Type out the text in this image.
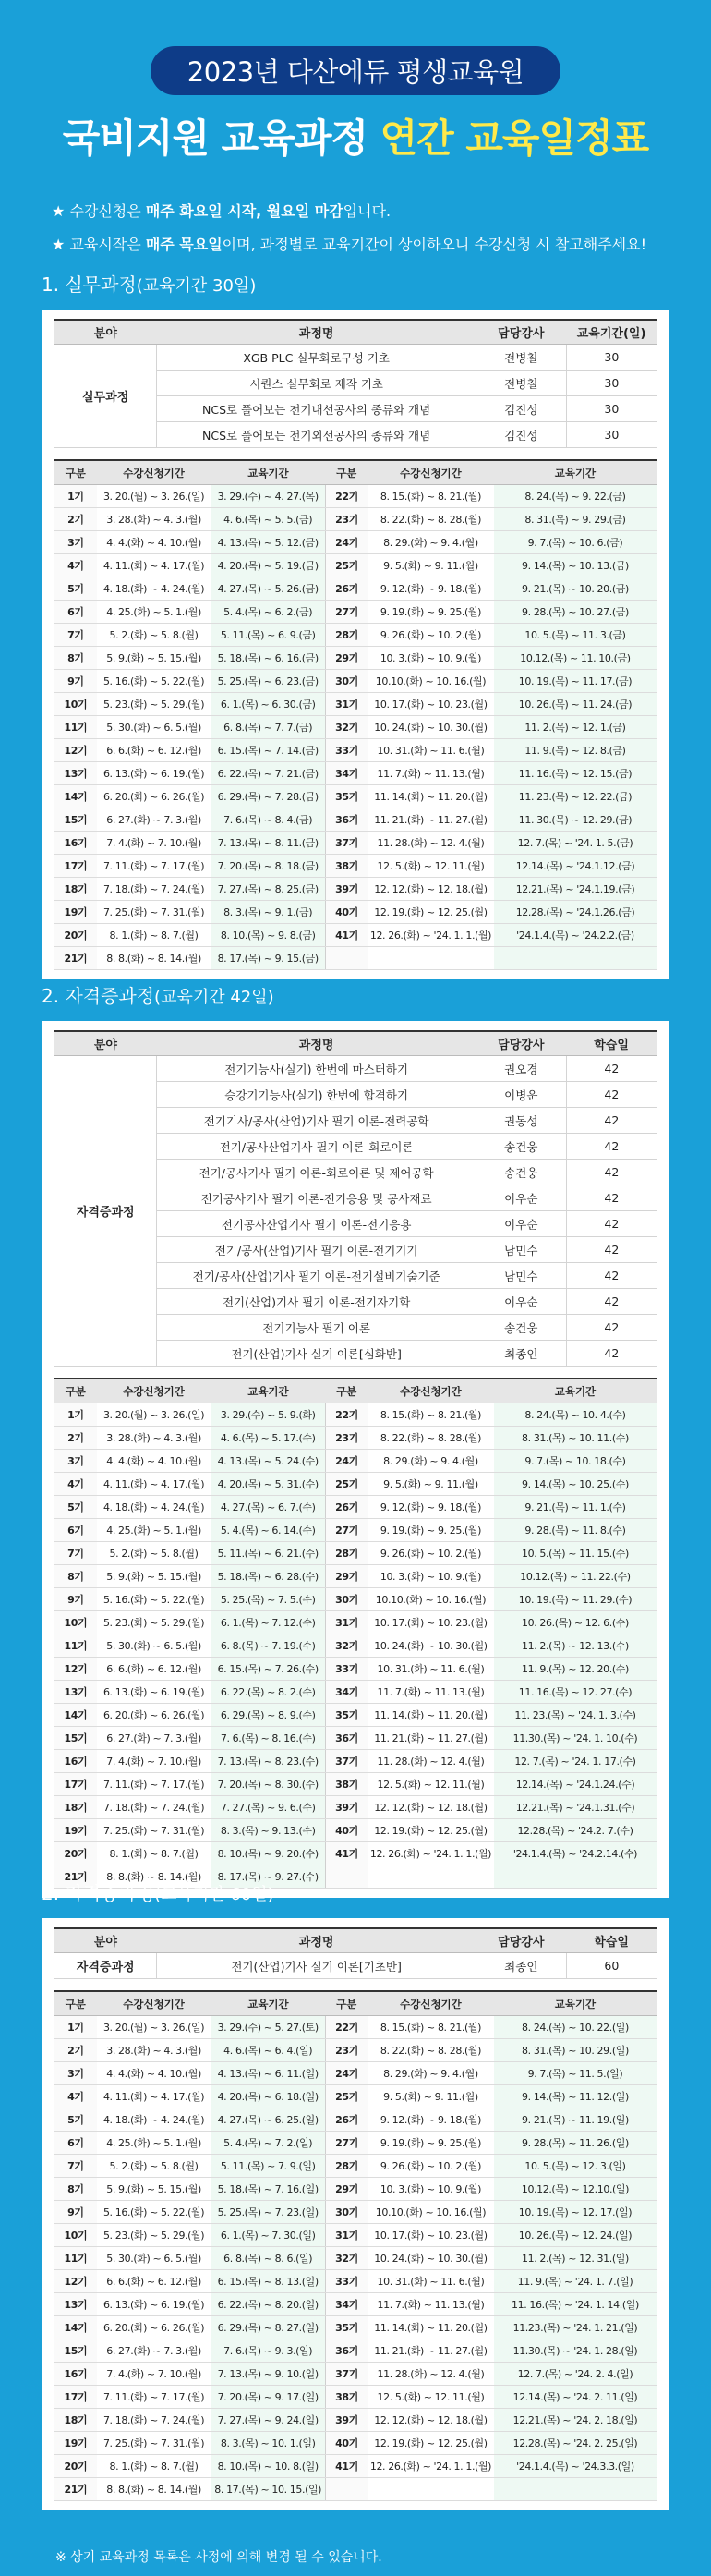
2023년 다산에듀 평생교육원
국비지원 교육과정 연간 교육일정표
★ 수강신청은 매주 화요일 시작, 월요일 마감입니다.
★ 교육시작은 매주 목요일이며, 과정별로 교육기간이 상이하오니 수강신청 시 참고해주세요!
1. 실무과정(교육기간 30일)
분야	과정명	담당강사	교육기간(일)
실무과정	XGB PLC 실무회로구성 기초	전병칠	30
	시퀀스 실무회로 제작 기초	전병칠	30
	NCS로 풀어보는 전기내선공사의 종류와 개념	김진성	30
	NCS로 풀어보는 전기외선공사의 종류와 개념	김진성	30
구분	수강신청기간	교육기간	구분	수강신청기간	교육기간
1기	3. 20.(월) ~ 3. 26.(일)	3. 29.(수) ~ 4. 27.(목)	22기	8. 15.(화) ~ 8. 21.(월)	8. 24.(목) ~ 9. 22.(금)
2기	3. 28.(화) ~ 4. 3.(월)	4. 6.(목) ~ 5. 5.(금)	23기	8. 22.(화) ~ 8. 28.(월)	8. 31.(목) ~ 9. 29.(금)
3기	4. 4.(화) ~ 4. 10.(월)	4. 13.(목) ~ 5. 12.(금)	24기	8. 29.(화) ~ 9. 4.(월)	9. 7.(목) ~ 10. 6.(금)
4기	4. 11.(화) ~ 4. 17.(월)	4. 20.(목) ~ 5. 19.(금)	25기	9. 5.(화) ~ 9. 11.(월)	9. 14.(목) ~ 10. 13.(금)
5기	4. 18.(화) ~ 4. 24.(월)	4. 27.(목) ~ 5. 26.(금)	26기	9. 12.(화) ~ 9. 18.(월)	9. 21.(목) ~ 10. 20.(금)
6기	4. 25.(화) ~ 5. 1.(월)	5. 4.(목) ~ 6. 2.(금)	27기	9. 19.(화) ~ 9. 25.(월)	9. 28.(목) ~ 10. 27.(금)
7기	5. 2.(화) ~ 5. 8.(월)	5. 11.(목) ~ 6. 9.(금)	28기	9. 26.(화) ~ 10. 2.(월)	10. 5.(목) ~ 11. 3.(금)
8기	5. 9.(화) ~ 5. 15.(월)	5. 18.(목) ~ 6. 16.(금)	29기	10. 3.(화) ~ 10. 9.(월)	10.12.(목) ~ 11. 10.(금)
9기	5. 16.(화) ~ 5. 22.(월)	5. 25.(목) ~ 6. 23.(금)	30기	10.10.(화) ~ 10. 16.(월)	10. 19.(목) ~ 11. 17.(금)
10기	5. 23.(화) ~ 5. 29.(월)	6. 1.(목) ~ 6. 30.(금)	31기	10. 17.(화) ~ 10. 23.(월)	10. 26.(목) ~ 11. 24.(금)
11기	5. 30.(화) ~ 6. 5.(월)	6. 8.(목) ~ 7. 7.(금)	32기	10. 24.(화) ~ 10. 30.(월)	11. 2.(목) ~ 12. 1.(금)
12기	6. 6.(화) ~ 6. 12.(월)	6. 15.(목) ~ 7. 14.(금)	33기	10. 31.(화) ~ 11. 6.(월)	11. 9.(목) ~ 12. 8.(금)
13기	6. 13.(화) ~ 6. 19.(월)	6. 22.(목) ~ 7. 21.(금)	34기	11. 7.(화) ~ 11. 13.(월)	11. 16.(목) ~ 12. 15.(금)
14기	6. 20.(화) ~ 6. 26.(월)	6. 29.(목) ~ 7. 28.(금)	35기	11. 14.(화) ~ 11. 20.(월)	11. 23.(목) ~ 12. 22.(금)
15기	6. 27.(화) ~ 7. 3.(월)	7. 6.(목) ~ 8. 4.(금)	36기	11. 21.(화) ~ 11. 27.(월)	11. 30.(목) ~ 12. 29.(금)
16기	7. 4.(화) ~ 7. 10.(월)	7. 13.(목) ~ 8. 11.(금)	37기	11. 28.(화) ~ 12. 4.(월)	12. 7.(목) ~ '24. 1. 5.(금)
17기	7. 11.(화) ~ 7. 17.(월)	7. 20.(목) ~ 8. 18.(금)	38기	12. 5.(화) ~ 12. 11.(월)	12.14.(목) ~ '24.1.12.(금)
18기	7. 18.(화) ~ 7. 24.(월)	7. 27.(목) ~ 8. 25.(금)	39기	12. 12.(화) ~ 12. 18.(월)	12.21.(목) ~ '24.1.19.(금)
19기	7. 25.(화) ~ 7. 31.(월)	8. 3.(목) ~ 9. 1.(금)	40기	12. 19.(화) ~ 12. 25.(월)	12.28.(목) ~ '24.1.26.(금)
20기	8. 1.(화) ~ 8. 7.(월)	8. 10.(목) ~ 9. 8.(금)	41기	12. 26.(화) ~ '24. 1. 1.(월)	'24.1.4.(목) ~ '24.2.2.(금)
21기	8. 8.(화) ~ 8. 14.(월)	8. 17.(목) ~ 9. 15.(금)			
2. 자격증과정(교육기간 42일)
분야	과정명	담당강사	학습일
자격증과정	전기기능사(실기) 한번에 마스터하기	권오경	42
	승강기기능사(실기) 한번에 합격하기	이병운	42
	전기기사/공사(산업)기사 필기 이론-전력공학	권동성	42
	전기/공사산업기사 필기 이론-회로이론	송건웅	42
	전기/공사기사 필기 이론-회로이론 및 제어공학	송건웅	42
	전기공사기사 필기 이론-전기응용 및 공사재료	이우순	42
	전기공사산업기사 필기 이론-전기응용	이우순	42
	전기/공사(산업)기사 필기 이론-전기기기	남민수	42
	전기/공사(산업)기사 필기 이론-전기설비기술기준	남민수	42
	전기(산업)기사 필기 이론-전기자기학	이우순	42
	전기기능사 필기 이론	송건웅	42
	전기(산업)기사 실기 이론[심화반]	최종인	42
구분	수강신청기간	교육기간	구분	수강신청기간	교육기간
1기	3. 20.(월) ~ 3. 26.(일)	3. 29.(수) ~ 5. 9.(화)	22기	8. 15.(화) ~ 8. 21.(월)	8. 24.(목) ~ 10. 4.(수)
2기	3. 28.(화) ~ 4. 3.(월)	4. 6.(목) ~ 5. 17.(수)	23기	8. 22.(화) ~ 8. 28.(월)	8. 31.(목) ~ 10. 11.(수)
3기	4. 4.(화) ~ 4. 10.(월)	4. 13.(목) ~ 5. 24.(수)	24기	8. 29.(화) ~ 9. 4.(월)	9. 7.(목) ~ 10. 18.(수)
4기	4. 11.(화) ~ 4. 17.(월)	4. 20.(목) ~ 5. 31.(수)	25기	9. 5.(화) ~ 9. 11.(월)	9. 14.(목) ~ 10. 25.(수)
5기	4. 18.(화) ~ 4. 24.(월)	4. 27.(목) ~ 6. 7.(수)	26기	9. 12.(화) ~ 9. 18.(월)	9. 21.(목) ~ 11. 1.(수)
6기	4. 25.(화) ~ 5. 1.(월)	5. 4.(목) ~ 6. 14.(수)	27기	9. 19.(화) ~ 9. 25.(월)	9. 28.(목) ~ 11. 8.(수)
7기	5. 2.(화) ~ 5. 8.(월)	5. 11.(목) ~ 6. 21.(수)	28기	9. 26.(화) ~ 10. 2.(월)	10. 5.(목) ~ 11. 15.(수)
8기	5. 9.(화) ~ 5. 15.(월)	5. 18.(목) ~ 6. 28.(수)	29기	10. 3.(화) ~ 10. 9.(월)	10.12.(목) ~ 11. 22.(수)
9기	5. 16.(화) ~ 5. 22.(월)	5. 25.(목) ~ 7. 5.(수)	30기	10.10.(화) ~ 10. 16.(월)	10. 19.(목) ~ 11. 29.(수)
10기	5. 23.(화) ~ 5. 29.(월)	6. 1.(목) ~ 7. 12.(수)	31기	10. 17.(화) ~ 10. 23.(월)	10. 26.(목) ~ 12. 6.(수)
11기	5. 30.(화) ~ 6. 5.(월)	6. 8.(목) ~ 7. 19.(수)	32기	10. 24.(화) ~ 10. 30.(월)	11. 2.(목) ~ 12. 13.(수)
12기	6. 6.(화) ~ 6. 12.(월)	6. 15.(목) ~ 7. 26.(수)	33기	10. 31.(화) ~ 11. 6.(월)	11. 9.(목) ~ 12. 20.(수)
13기	6. 13.(화) ~ 6. 19.(월)	6. 22.(목) ~ 8. 2.(수)	34기	11. 7.(화) ~ 11. 13.(월)	11. 16.(목) ~ 12. 27.(수)
14기	6. 20.(화) ~ 6. 26.(월)	6. 29.(목) ~ 8. 9.(수)	35기	11. 14.(화) ~ 11. 20.(월)	11. 23.(목) ~ '24. 1. 3.(수)
15기	6. 27.(화) ~ 7. 3.(월)	7. 6.(목) ~ 8. 16.(수)	36기	11. 21.(화) ~ 11. 27.(월)	11.30.(목) ~ '24. 1. 10.(수)
16기	7. 4.(화) ~ 7. 10.(월)	7. 13.(목) ~ 8. 23.(수)	37기	11. 28.(화) ~ 12. 4.(월)	12. 7.(목) ~ '24. 1. 17.(수)
17기	7. 11.(화) ~ 7. 17.(월)	7. 20.(목) ~ 8. 30.(수)	38기	12. 5.(화) ~ 12. 11.(월)	12.14.(목) ~ '24.1.24.(수)
18기	7. 18.(화) ~ 7. 24.(월)	7. 27.(목) ~ 9. 6.(수)	39기	12. 12.(화) ~ 12. 18.(월)	12.21.(목) ~ '24.1.31.(수)
19기	7. 25.(화) ~ 7. 31.(월)	8. 3.(목) ~ 9. 13.(수)	40기	12. 19.(화) ~ 12. 25.(월)	12.28.(목) ~ '24.2. 7.(수)
20기	8. 1.(화) ~ 8. 7.(월)	8. 10.(목) ~ 9. 20.(수)	41기	12. 26.(화) ~ '24. 1. 1.(월)	'24.1.4.(목) ~ '24.2.14.(수)
21기	8. 8.(화) ~ 8. 14.(월)	8. 17.(목) ~ 9. 27.(수)			
2. 자격증과정(교육기간 60일)
분야	과정명	담당강사	학습일
자격증과정	전기(산업)기사 실기 이론[기초반]	최종인	60
구분	수강신청기간	교육기간	구분	수강신청기간	교육기간
1기	3. 20.(월) ~ 3. 26.(일)	3. 29.(수) ~ 5. 27.(토)	22기	8. 15.(화) ~ 8. 21.(월)	8. 24.(목) ~ 10. 22.(일)
2기	3. 28.(화) ~ 4. 3.(월)	4. 6.(목) ~ 6. 4.(일)	23기	8. 22.(화) ~ 8. 28.(월)	8. 31.(목) ~ 10. 29.(일)
3기	4. 4.(화) ~ 4. 10.(월)	4. 13.(목) ~ 6. 11.(일)	24기	8. 29.(화) ~ 9. 4.(월)	9. 7.(목) ~ 11. 5.(일)
4기	4. 11.(화) ~ 4. 17.(월)	4. 20.(목) ~ 6. 18.(일)	25기	9. 5.(화) ~ 9. 11.(월)	9. 14.(목) ~ 11. 12.(일)
5기	4. 18.(화) ~ 4. 24.(월)	4. 27.(목) ~ 6. 25.(일)	26기	9. 12.(화) ~ 9. 18.(월)	9. 21.(목) ~ 11. 19.(일)
6기	4. 25.(화) ~ 5. 1.(월)	5. 4.(목) ~ 7. 2.(일)	27기	9. 19.(화) ~ 9. 25.(월)	9. 28.(목) ~ 11. 26.(일)
7기	5. 2.(화) ~ 5. 8.(월)	5. 11.(목) ~ 7. 9.(일)	28기	9. 26.(화) ~ 10. 2.(월)	10. 5.(목) ~ 12. 3.(일)
8기	5. 9.(화) ~ 5. 15.(월)	5. 18.(목) ~ 7. 16.(일)	29기	10. 3.(화) ~ 10. 9.(월)	10.12.(목) ~ 12.10.(일)
9기	5. 16.(화) ~ 5. 22.(월)	5. 25.(목) ~ 7. 23.(일)	30기	10.10.(화) ~ 10. 16.(월)	10. 19.(목) ~ 12. 17.(일)
10기	5. 23.(화) ~ 5. 29.(월)	6. 1.(목) ~ 7. 30.(일)	31기	10. 17.(화) ~ 10. 23.(월)	10. 26.(목) ~ 12. 24.(일)
11기	5. 30.(화) ~ 6. 5.(월)	6. 8.(목) ~ 8. 6.(일)	32기	10. 24.(화) ~ 10. 30.(월)	11. 2.(목) ~ 12. 31.(일)
12기	6. 6.(화) ~ 6. 12.(월)	6. 15.(목) ~ 8. 13.(일)	33기	10. 31.(화) ~ 11. 6.(월)	11. 9.(목) ~ '24. 1. 7.(일)
13기	6. 13.(화) ~ 6. 19.(월)	6. 22.(목) ~ 8. 20.(일)	34기	11. 7.(화) ~ 11. 13.(월)	11. 16.(목) ~ '24. 1. 14.(일)
14기	6. 20.(화) ~ 6. 26.(월)	6. 29.(목) ~ 8. 27.(일)	35기	11. 14.(화) ~ 11. 20.(월)	11.23.(목) ~ '24. 1. 21.(일)
15기	6. 27.(화) ~ 7. 3.(월)	7. 6.(목) ~ 9. 3.(일)	36기	11. 21.(화) ~ 11. 27.(월)	11.30.(목) ~ '24. 1. 28.(일)
16기	7. 4.(화) ~ 7. 10.(월)	7. 13.(목) ~ 9. 10.(일)	37기	11. 28.(화) ~ 12. 4.(월)	12. 7.(목) ~ '24. 2. 4.(일)
17기	7. 11.(화) ~ 7. 17.(월)	7. 20.(목) ~ 9. 17.(일)	38기	12. 5.(화) ~ 12. 11.(월)	12.14.(목) ~ '24. 2. 11.(일)
18기	7. 18.(화) ~ 7. 24.(월)	7. 27.(목) ~ 9. 24.(일)	39기	12. 12.(화) ~ 12. 18.(월)	12.21.(목) ~ '24. 2. 18.(일)
19기	7. 25.(화) ~ 7. 31.(월)	8. 3.(목) ~ 10. 1.(일)	40기	12. 19.(화) ~ 12. 25.(월)	12.28.(목) ~ '24. 2. 25.(일)
20기	8. 1.(화) ~ 8. 7.(월)	8. 10.(목) ~ 10. 8.(일)	41기	12. 26.(화) ~ '24. 1. 1.(월)	'24.1.4.(목) ~ '24.3.3.(일)
21기	8. 8.(화) ~ 8. 14.(월)	8. 17.(목) ~ 10. 15.(일)			
※ 상기 교육과정 목록은 사정에 의해 변경 될 수 있습니다.
